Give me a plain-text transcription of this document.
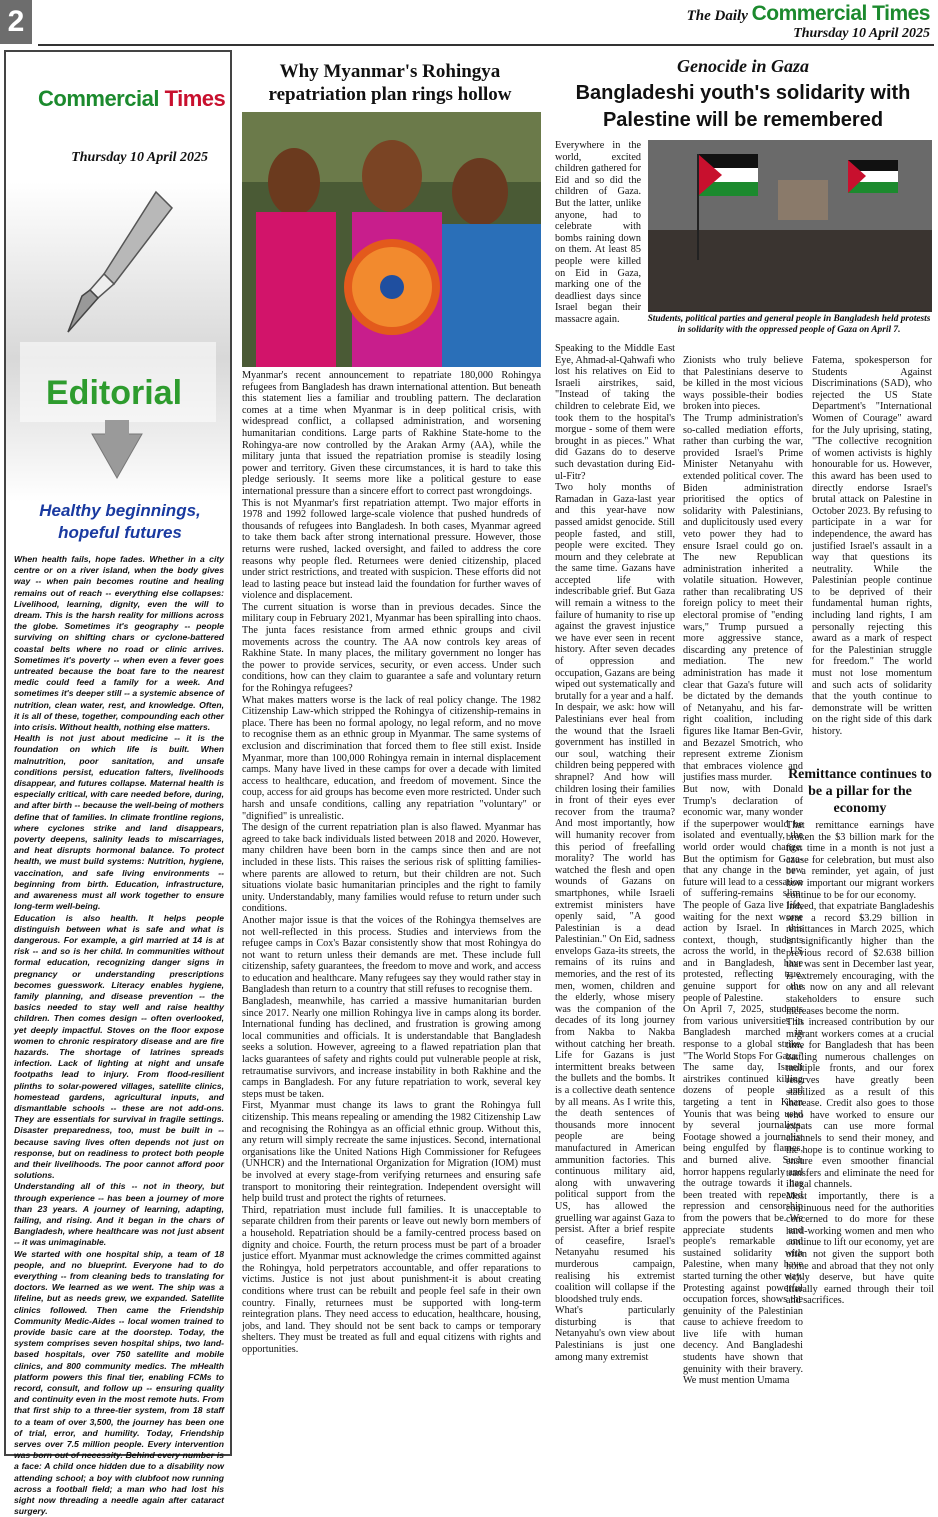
2	The Daily Commercial Times
Thursday 10 April 2025
Commercial Times
Thursday 10 April 2025
Editorial
Healthy beginnings, hopeful futures

When health fails, hope fades. Whether in a city centre or on a river island, when the body gives way -- when pain becomes routine and healing remains out of reach -- everything else collapses: Livelihood, learning, dignity, even the will to dream. This is the harsh reality for millions across the globe. Sometimes it's geography -- people surviving on shifting chars or cyclone-battered coastal belts where no road or clinic arrives. Sometimes it's poverty -- when even a fever goes untreated because the boat fare to the nearest medic could feed a family for a week. And sometimes it's deeper still -- a systemic absence of nutrition, clean water, rest, and knowledge. Often, it is all of these, together, compounding each other into crisis. Without health, nothing else matters.

Health is not just about medicine -- it is the foundation on which life is built. When malnutrition, poor sanitation, and unsafe conditions persist, education falters, livelihoods disappear, and futures collapse. Maternal health is especially critical, with care needed before, during, and after birth -- because the well-being of mothers define that of families. In climate frontline regions, where cyclones strike and land disappears, poverty deepens, salinity leads to miscarriages, and heat disrupts hormonal balance. To protect health, we must build systems: Nutrition, hygiene, vaccination, and safe living environments -- beginning from birth. Education, infrastructure, and awareness must all work together to ensure long-term well-being.

Education is also health. It helps people distinguish between what is safe and what is dangerous. For example, a girl married at 14 is at risk -- and so is her child. In communities without formal education, recognizing danger signs in pregnancy or understanding prescriptions becomes guesswork. Literacy enables hygiene, family planning, and disease prevention -- the basics needed to stay well and raise healthy children. Then comes design -- often overlooked, yet deeply impactful. Stoves on the floor expose women to chronic respiratory disease and are fire hazards. The shortage of latrines spreads infection. Lack of lighting at night and unsafe footpaths lead to injury. From flood-resilient plinths to solar-powered villages, satellite clinics, homestead gardens, agricultural inputs, and dismantlable schools -- these are not add-ons. They are essentials for survival in fragile settings. Disaster preparedness, too, must be built in -- because saving lives often depends not just on response, but on readiness to protect both people and their livelihoods. The poor cannot afford poor solutions.

Understanding all of this -- not in theory, but through experience -- has been a journey of more than 23 years. A journey of learning, adapting, failing, and rising. And it began in the chars of Bangladesh, where healthcare was not just absent -- it was unimaginable.

We started with one hospital ship, a team of 18 people, and no blueprint. Everyone had to do everything -- from cleaning beds to translating for doctors. We learned as we went. The ship was a lifeline, but as needs grew, we expanded. Satellite clinics followed. Then came the Friendship Community Medic-Aides -- local women trained to provide basic care at the doorstep. Today, the system comprises seven hospital ships, two land-based hospitals, over 750 satellite and mobile clinics, and 800 community medics. The mHealth platform powers this final tier, enabling FCMs to record, consult, and follow up -- ensuring quality and continuity even in the most remote huts. From that first ship to a three-tier system, from 18 staff to a team of over 3,500, the journey has been one of trial, error, and humility. Today, Friendship serves over 7.5 million people. Every intervention was born out of necessity. Behind every number is a face: A child once hidden due to a disability now attending school; a boy with clubfoot now running across a football field; a man who had lost his sight now threading a needle again after cataract surgery.

Why Myanmar's Rohingya repatriation plan rings hollow

Myanmar's recent announcement to repatriate 180,000 Rohingya refugees from Bangladesh has drawn international attention. But beneath this statement lies a familiar and troubling pattern. The declaration comes at a time when Myanmar is in deep political crisis, with widespread conflict, a collapsed administration, and worsening humanitarian conditions. Large parts of Rakhine State-home to the Rohingya-are now controlled by the Arakan Army (AA), while the military junta that issued the repatriation promise is steadily losing power and territory. Given these circumstances, it is hard to take this pledge seriously. It seems more like a political gesture to ease international pressure than a sincere effort to correct past wrongdoings.

This is not Myanmar's first repatriation attempt. Two major efforts in 1978 and 1992 followed large-scale violence that pushed hundreds of thousands of refugees into Bangladesh. In both cases, Myanmar agreed to take them back after strong international pressure. However, those returns were rushed, lacked oversight, and failed to address the core reasons why people fled. Returnees were denied citizenship, placed under strict restrictions, and treated with suspicion. These efforts did not lead to lasting peace but instead laid the foundation for further waves of violence and displacement.

The current situation is worse than in previous decades. Since the military coup in February 2021, Myanmar has been spiralling into chaos. The junta faces resistance from armed ethnic groups and civil movements across the country. The AA now controls key areas of Rakhine State. In many places, the military government no longer has the power to provide services, security, or even access. Under such conditions, how can they claim to guarantee a safe and voluntary return for the Rohingya refugees?

What makes matters worse is the lack of real policy change. The 1982 Citizenship Law-which stripped the Rohingya of citizenship-remains in place. There has been no formal apology, no legal reform, and no move to recognise them as an ethnic group in Myanmar. The same systems of exclusion and discrimination that forced them to flee still exist. Inside Myanmar, more than 100,000 Rohingya remain in internal displacement camps. Many have lived in these camps for over a decade with limited access to healthcare, education, and freedom of movement. Since the coup, access for aid groups has become even more restricted. Under such harsh and unsafe conditions, calling any repatriation "voluntary" or "dignified" is unrealistic.

The design of the current repatriation plan is also flawed. Myanmar has agreed to take back individuals listed between 2018 and 2020. However, many children have been born in the camps since then and are not included in these lists. This raises the serious risk of splitting families-where parents are allowed to return, but their children are not. Such situations violate basic humanitarian principles and the right to family unity. Understandably, many families would refuse to return under such conditions.

Another major issue is that the voices of the Rohingya themselves are not well-reflected in this process. Studies and interviews from the refugee camps in Cox's Bazar consistently show that most Rohingya do not want to return unless their demands are met. These include full citizenship, safety guarantees, the freedom to move and work, and access to education and healthcare. Many refugees say they would rather stay in Bangladesh than return to a country that still refuses to recognise them.

Bangladesh, meanwhile, has carried a massive humanitarian burden since 2017. Nearly one million Rohingya live in camps along its border. International funding has declined, and frustration is growing among local communities and officials. It is understandable that Bangladesh seeks a solution. However, agreeing to a flawed repatriation plan that lacks guarantees of safety and rights could put vulnerable people at risk, retraumatise survivors, and increase instability in both Rakhine and the camps in Bangladesh. For any future repatriation to work, several key steps must be taken.

First, Myanmar must change its laws to grant the Rohingya full citizenship. This means repealing or amending the 1982 Citizenship Law and recognising the Rohingya as an official ethnic group. Without this, any return will simply recreate the same injustices. Second, international organisations like the United Nations High Commissioner for Refugees (UNHCR) and the International Organization for Migration (IOM) must be involved at every stage-from verifying returnees and ensuring safe transport to monitoring their reintegration. Independent oversight will help build trust and protect the rights of returnees.

Third, repatriation must include full families. It is unacceptable to separate children from their parents or leave out newly born members of a household. Repatriation should be a family-centred process based on dignity and choice. Fourth, the return process must be part of a broader justice effort. Myanmar must acknowledge the crimes committed against the Rohingya, hold perpetrators accountable, and offer reparations to victims. Justice is not just about punishment-it is about creating conditions where trust can be rebuilt and people feel safe in their own country. Finally, returnees must be supported with long-term reintegration plans. They need access to education, healthcare, housing, jobs, and land. They should not be sent back to camps or temporary shelters. They must be treated as full and equal citizens with rights and opportunities.

Genocide in Gaza
Bangladeshi youth's solidarity with Palestine will be remembered
Students, political parties and general people in Bangladesh held protests in solidarity with the oppressed people of Gaza on April 7.
Everywhere in the world, excited children gathered for Eid and so did the children of Gaza. But the latter, unlike anyone, had to celebrate with bombs raining down on them. At least 85 people were killed on Eid in Gaza, marking one of the deadliest days since Israel began their massacre again.

Speaking to the Middle East Eye, Ahmad-al-Qahwafi who lost his relatives on Eid to Israeli airstrikes, said, "Instead of taking the children to celebrate Eid, we took them to the hospital's morgue - some of them were brought in as pieces." What did Gazans do to deserve such devastation during Eid-ul-Fitr?

Two holy months of Ramadan in Gaza-last year and this year-have now passed amidst genocide. Still people fasted, and still, people were excited. They mourn and they celebrate at the same time. Gazans have accepted life with indescribable grief. But Gaza will remain a witness to the failure of humanity to rise up against the gravest injustice we have ever seen in recent history. After seven decades of oppression and occupation, Gazans are being wiped out systematically and brutally for a year and a half.

In despair, we ask: how will Palestinians ever heal from the wound that the Israeli government has instilled in our soul, watching their children being peppered with shrapnel? And how will children losing their families in front of their eyes ever recover from the trauma? And most importantly, how will humanity recover from this period of freefalling morality? The world has watched the flesh and open wounds of Gazans on smartphones, while Israeli extremist ministers have openly said, "A good Palestinian is a dead Palestinian." On Eid, sadness envelops Gaza-its streets, the remains of its ruins and memories, and the rest of its men, women, children and the elderly, whose misery was the companion of the decades of its long journey from Nakba to Nakba without catching her breath. Life for Gazans is just intermittent breaks between the bullets and the bombs. It is a collective death sentence by all means. As I write this, the death sentences of thousands more innocent people are being manufactured in American ammunition factories. This continuous military aid, along with unwavering political support from the US, has allowed the gruelling war against Gaza to persist. After a brief respite of ceasefire, Israel's Netanyahu resumed his murderous campaign, realising his extremist coalition will collapse if the bloodshed truly ends.

What's particularly disturbing is that Netanyahu's own view about Palestinians is just one among many extremist

Zionists who truly believe that Palestinians deserve to be killed in the most vicious ways possible-their bodies broken into pieces.

The Trump administration's so-called mediation efforts, rather than curbing the war, provided Israel's Prime Minister Netanyahu with extended political cover. The Biden administration prioritised the optics of solidarity with Palestinians, and duplicitously used every veto power they had to ensure Israel could go on. The new Republican administration inherited a volatile situation. However, rather than recalibrating US foreign policy to meet their electoral promise of "ending wars," Trump pursued a more aggressive stance, discarding any pretence of mediation. The new administration has made it clear that Gaza's future will be dictated by the demands of Netanyahu, and his far-right coalition, including figures like Itamar Ben-Gvir, and Bezazel Smotrich, who represent extreme Zionism that embraces violence and justifies mass murder.

But now, with Donald Trump's declaration of economic war, many wonder if the superpower would be isolated and eventually, the world order would change. But the optimism for Gaza-that any change in the new future will lead to a cessation of suffering-remains slim. The people of Gaza live life, waiting for the next worse action by Israel. In this context, though, students across the world, in the US and in Bangladesh, have protested, reflecting true, genuine support for the people of Palestine.

On April 7, 2025, students from various universities in Bangladesh marched in response to a global strike, "The World Stops For Gaza." The same day, Israeli airstrikes continued killing dozens of people and targeting a tent in Khan Younis that was being used by several journalists. Footage showed a journalist being engulfed by flames, and burned alive. Such horror happens regularly and the outrage towards it has been treated with repeated repression and censorship from the powers that be. We appreciate students and people's remarkable and sustained solidarity with Palestine, when many have started turning the other way. Protesting against powerful occupation forces, shows the genuinity of the Palestinian cause to achieve freedom to live life with human decency. And Bangladeshi students have shown that genuinity with their bravery. We must mention Umama

Fatema, spokesperson for Students Against Discriminations (SAD), who rejected the US State Department's "International Women of Courage" award for the July uprising, stating, "The collective recognition of women activists is highly honourable for us. However, this award has been used to directly endorse Israel's brutal attack on Palestine in October 2023. By refusing to participate in a war for independence, the award has justified Israel's assault in a way that questions its neutrality. While the Palestinian people continue to be deprived of their fundamental human rights, including land rights, I am personally rejecting this award as a mark of respect for the Palestinian struggle for freedom." The world must not lose momentum and such acts of solidarity that the youth continue to demonstrate will be written on the right side of this dark history.

Remittance continues to be a pillar for the economy

That remittance earnings have broken the $3 billion mark for the first time in a month is not just a cause for celebration, but must also be a reminder, yet again, of just how important our migrant workers continue to be for our economy.

Indeed, that expatriate Bangladeshis sent a record $3.29 billion in remittances in March 2025, which is significantly higher than the previous record of $2.638 billion that was sent in December last year, is extremely encouraging, with the onus now on any and all relevant stakeholders to ensure such increases become the norm.

This increased contribution by our migrant workers comes at a crucial time for Bangladesh that has been battling numerous challenges on multiple fronts, and our forex reserves have greatly been stabilized as a result of this increase. Credit also goes to those who have worked to ensure our expats can use more formal channels to send their money, and the hope is to continue working to ensure even smoother financial transfers and eliminate the need for illegal channels.

Most importantly, there is a continuous need for the authorities concerned to do more for these hard-working women and men who continue to lift our economy, yet are often not given the support both home and abroad that they not only richly deserve, but have quite literally earned through their toil and sacrifices.
